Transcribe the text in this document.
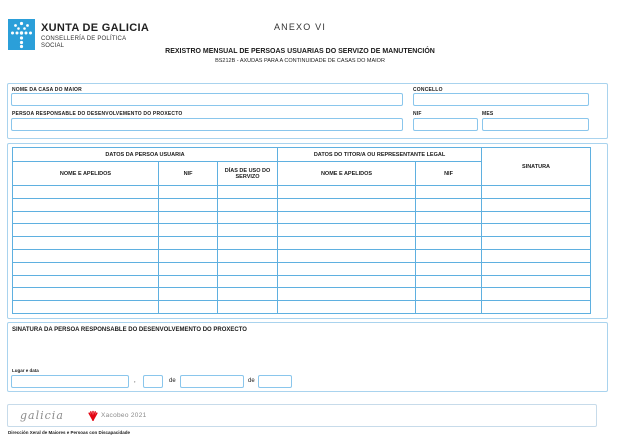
XUNTA DE GALICIA
CONSELLERÍA DE POLÍTICA
SOCIAL
ANEXO VI
REXISTRO MENSUAL DE PERSOAS USUARIAS DO SERVIZO DE MANUTENCIÓN
BS212B - AXUDAS PARA A CONTINUIDADE DE CASAS DO MAIOR
NOME DA CASA DO MAIOR	CONCELLO
PERSOA RESPONSABLE DO DESENVOLVEMENTO DO PROXECTO	NIF	MES
DATOS DA PERSOA USUARIA			DATOS DO TITOR/A OU REPRESENTANTE LEGAL		SINATURA
NOME E APELIDOS	NIF	DÍAS DE USO DO SERVIZO	NOME E APELIDOS	NIF	

SINATURA DA PERSOA RESPONSABLE DO DESENVOLVEMENTO DO PROXECTO
Lugar e data
,	de	de
galicia	Xacobeo 2021
Dirección Xeral de Maiores e Persoas con Discapacidade
